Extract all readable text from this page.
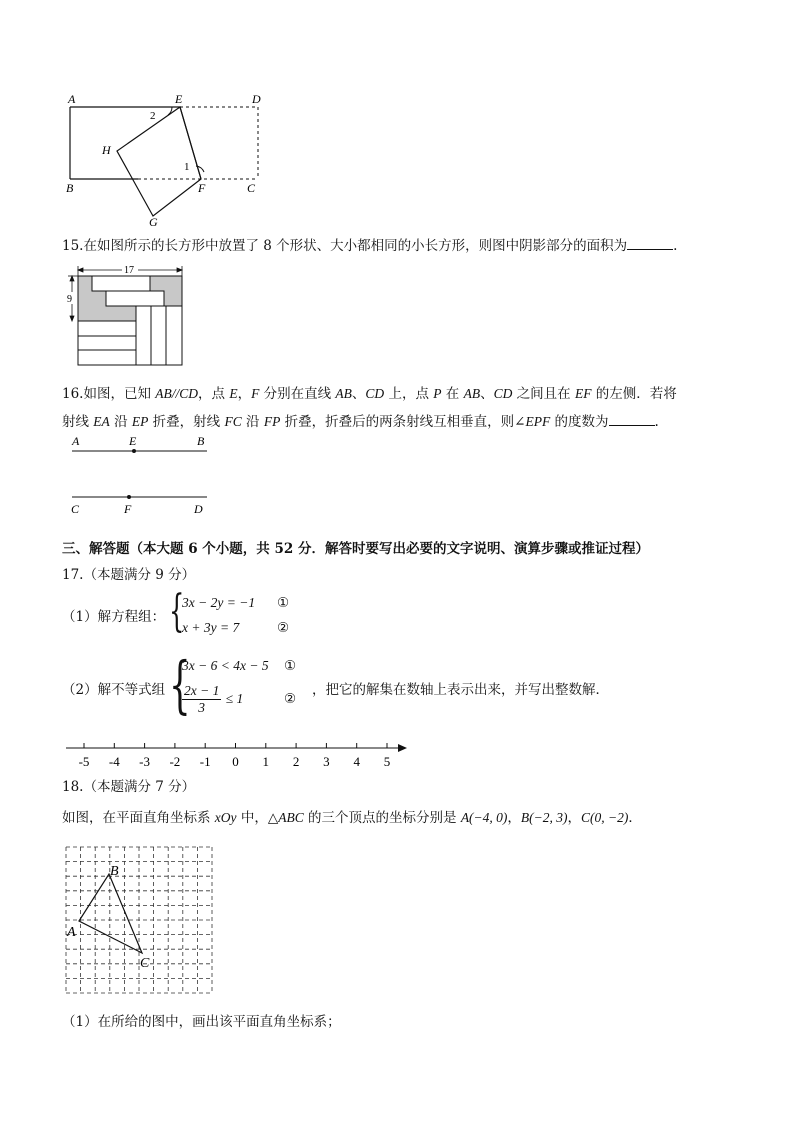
A	E	D
B	C
F
G
H
1
2
15.在如图所示的长方形中放置了 8 个形状、大小都相同的小长方形，则图中阴影部分的面积为	.
17
9
16.如图，已知 AB//CD，点 E，F 分别在直线 AB、CD 上，点 P 在 AB、CD 之间且在 EF 的左侧．若将
射线 EA 沿 EP 折叠，射线 FC 沿 FP 折叠，折叠后的两条射线互相垂直，则∠EPF 的度数为	.
A	E	B
C	F	D
三、解答题（本大题 6 个小题，共 52 分．解答时要写出必要的文字说明、演算步骤或推证过程）
17.（本题满分 9 分）
（1）解方程组： {
3x − 2y = −1
x + 3y = 7
①
②
（2）解不等式组 {
3x − 6 < 4x − 5 ①
$\frac{2x - 1}{3} \le 1$	②
，把它的解集在数轴上表示出来，并写出整数解．
-5 -4 -3 -2 -1 0 1 2 3 4 5
18.（本题满分 7 分）
如图，在平面直角坐标系 xOy 中，△ABC 的三个顶点的坐标分别是 A(−4, 0)，B(−2, 3)，C(0, −2)．
A
B
C
（1）在所给的图中，画出该平面直角坐标系；
